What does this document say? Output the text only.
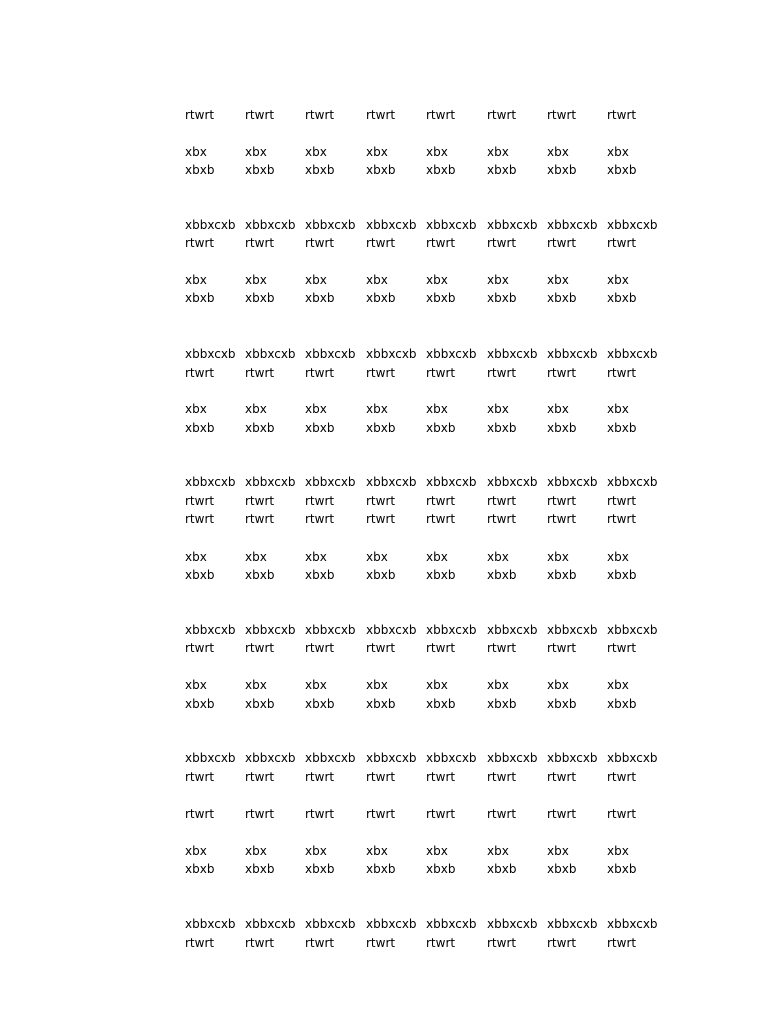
rtwrt	rtwrt	rtwrt	rtwrt	rtwrt	rtwrt	rtwrt	rtwrt
xbx	xbx	xbx	xbx	xbx	xbx	xbx	xbx
xbxb	xbxb	xbxb	xbxb	xbxb	xbxb	xbxb	xbxb
xbbxcxb xbbxcxb xbbxcxb xbbxcxb xbbxcxb xbbxcxb xbbxcxb xbbxcxb
rtwrt	rtwrt	rtwrt	rtwrt	rtwrt	rtwrt	rtwrt	rtwrt
xbx	xbx	xbx	xbx	xbx	xbx	xbx	xbx
xbxb	xbxb	xbxb	xbxb	xbxb	xbxb	xbxb	xbxb
xbbxcxb xbbxcxb xbbxcxb xbbxcxb xbbxcxb xbbxcxb xbbxcxb xbbxcxb
rtwrt	rtwrt	rtwrt	rtwrt	rtwrt	rtwrt	rtwrt	rtwrt
xbx	xbx	xbx	xbx	xbx	xbx	xbx	xbx
xbxb	xbxb	xbxb	xbxb	xbxb	xbxb	xbxb	xbxb
xbbxcxb xbbxcxb xbbxcxb xbbxcxb xbbxcxb xbbxcxb xbbxcxb xbbxcxb
rtwrt	rtwrt	rtwrt	rtwrt	rtwrt	rtwrt	rtwrt	rtwrt
rtwrt	rtwrt	rtwrt	rtwrt	rtwrt	rtwrt	rtwrt	rtwrt
xbx	xbx	xbx	xbx	xbx	xbx	xbx	xbx
xbxb	xbxb	xbxb	xbxb	xbxb	xbxb	xbxb	xbxb
xbbxcxb xbbxcxb xbbxcxb xbbxcxb xbbxcxb xbbxcxb xbbxcxb xbbxcxb
rtwrt	rtwrt	rtwrt	rtwrt	rtwrt	rtwrt	rtwrt	rtwrt
xbx	xbx	xbx	xbx	xbx	xbx	xbx	xbx
xbxb	xbxb	xbxb	xbxb	xbxb	xbxb	xbxb	xbxb
xbbxcxb xbbxcxb xbbxcxb xbbxcxb xbbxcxb xbbxcxb xbbxcxb xbbxcxb
rtwrt	rtwrt	rtwrt	rtwrt	rtwrt	rtwrt	rtwrt	rtwrt
rtwrt	rtwrt	rtwrt	rtwrt	rtwrt	rtwrt	rtwrt	rtwrt
xbx	xbx	xbx	xbx	xbx	xbx	xbx	xbx
xbxb	xbxb	xbxb	xbxb	xbxb	xbxb	xbxb	xbxb
xbbxcxb xbbxcxb xbbxcxb xbbxcxb xbbxcxb xbbxcxb xbbxcxb xbbxcxb
rtwrt	rtwrt	rtwrt	rtwrt	rtwrt	rtwrt	rtwrt	rtwrt
